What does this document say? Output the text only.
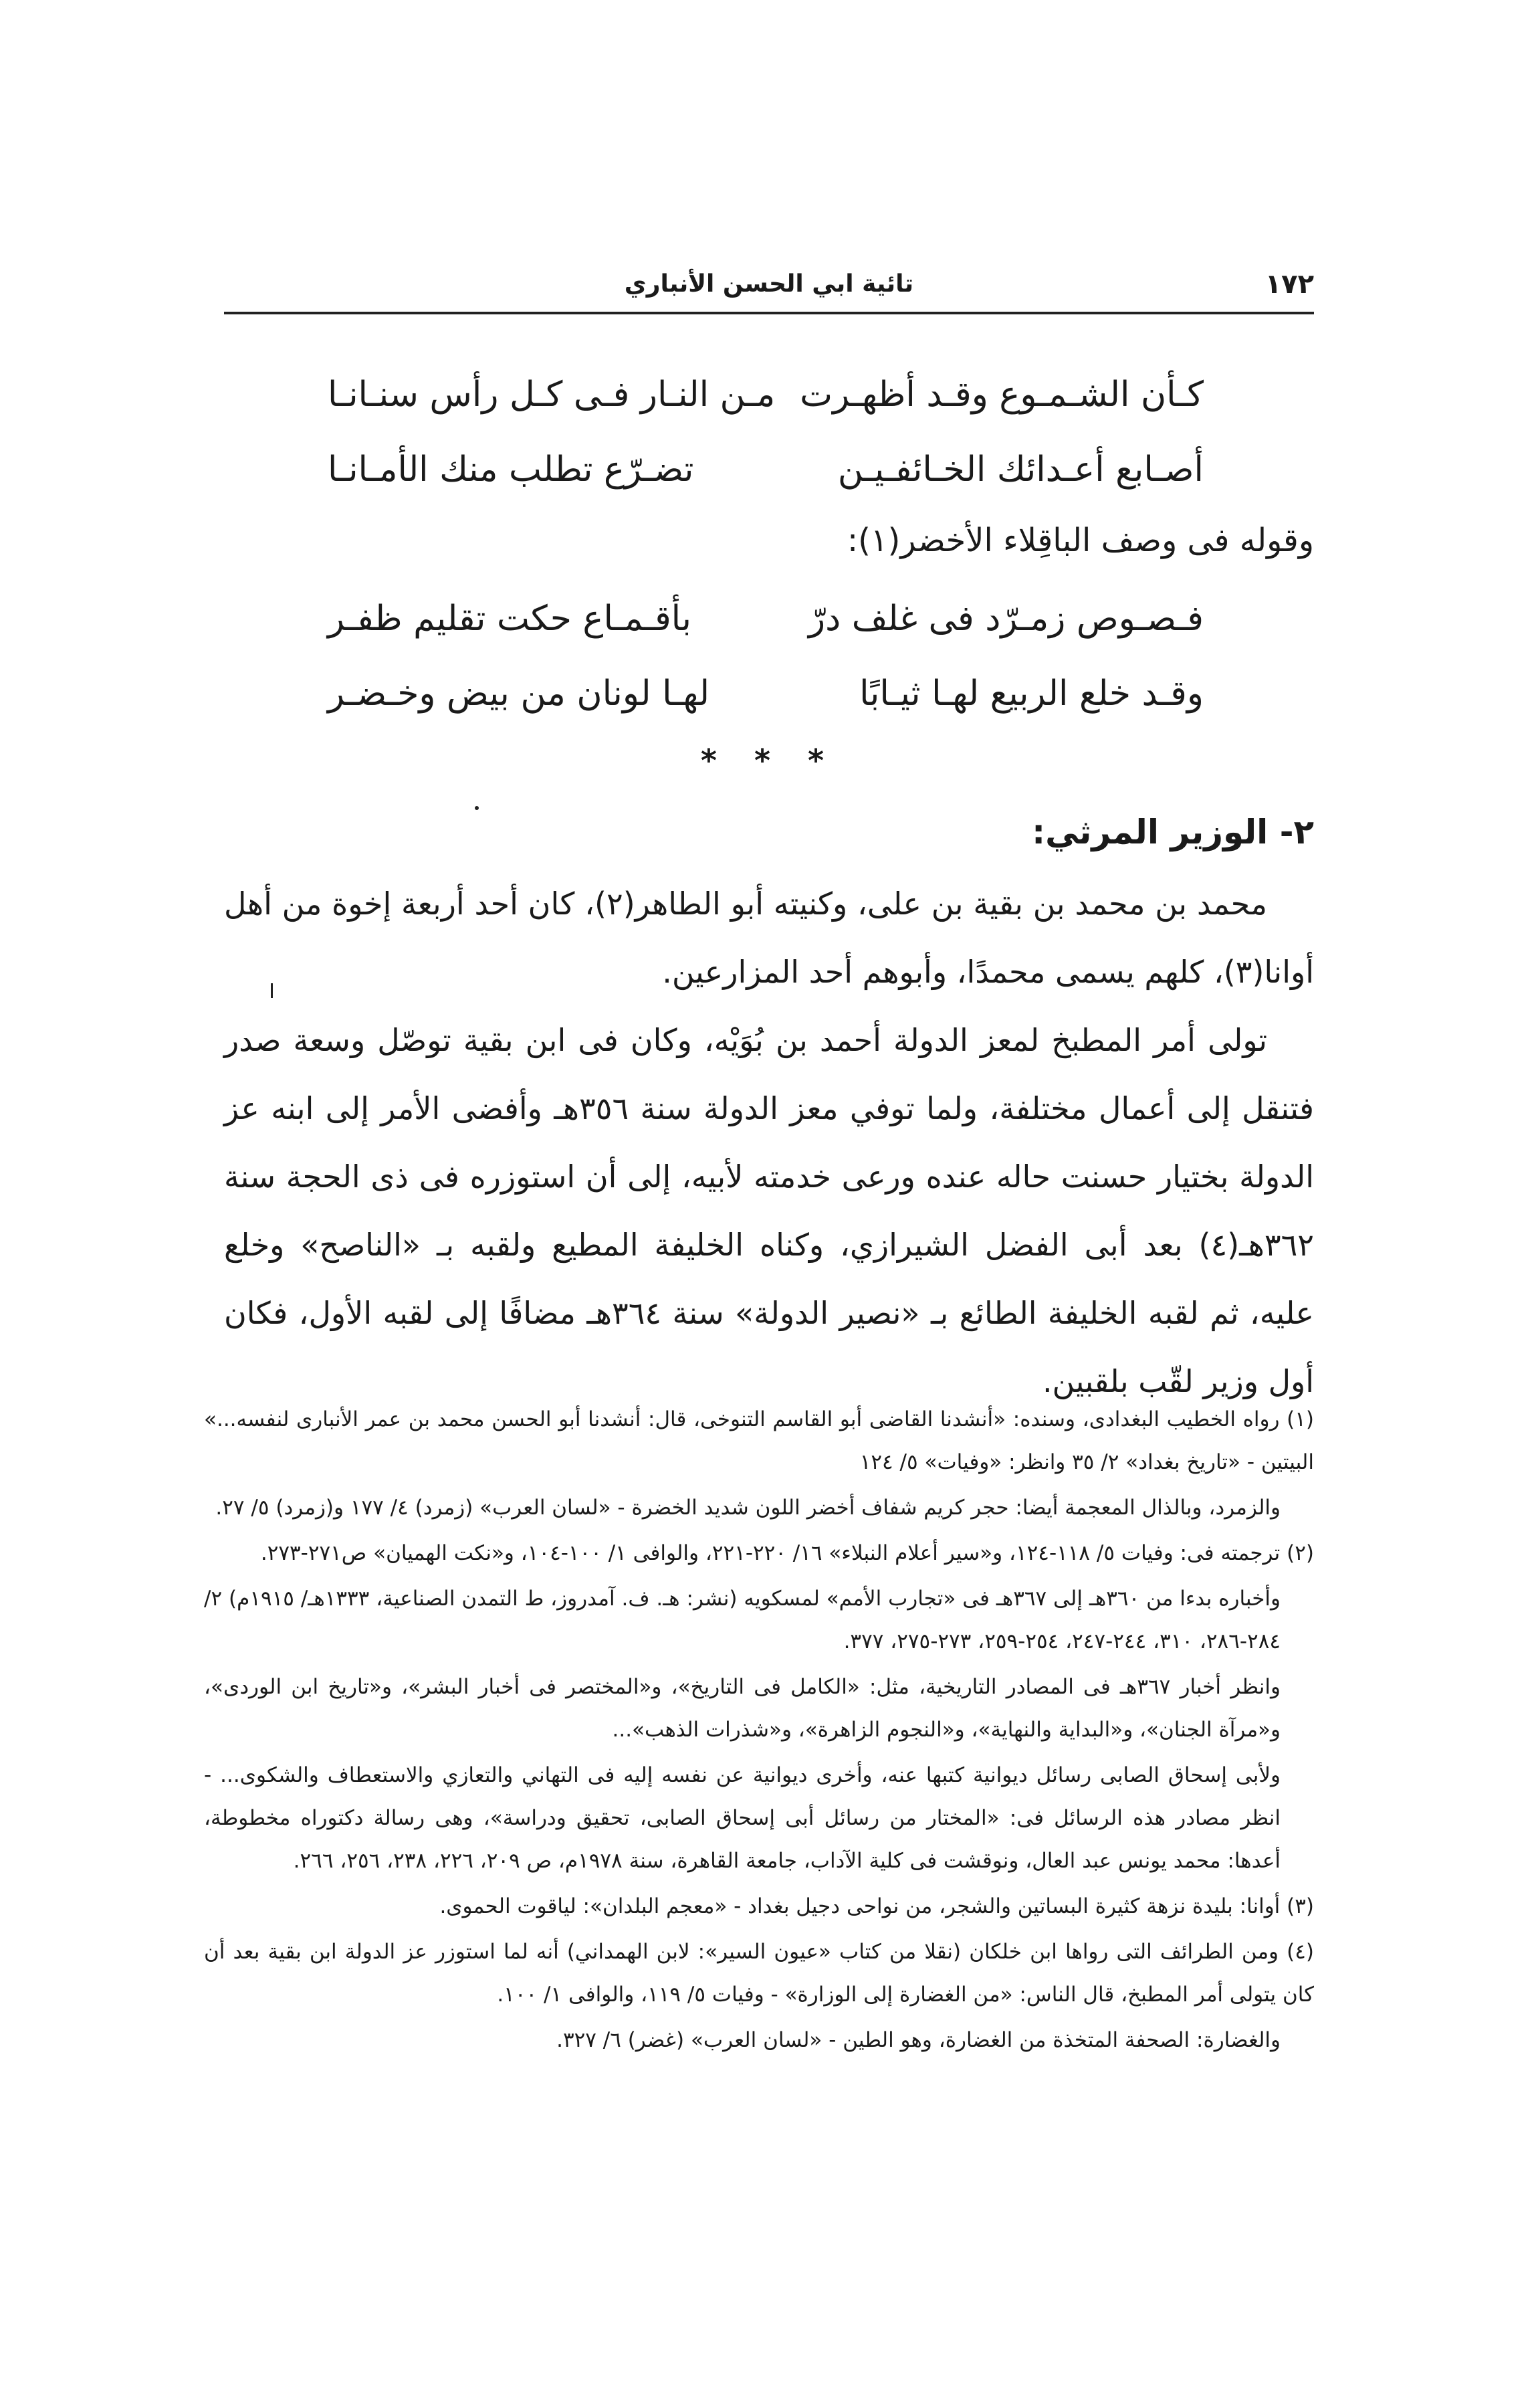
١٧٢
تائية ابي الحسن الأنباري
كـأن الشـمـوع وقـد أظهـرت
مـن النـار فـى كـل رأس سنـانـا
أصـابع أعـدائك الخـائفـيـن
تضـرّع تطلب منك الأمـانـا
وقوله فى وصف الباقِلاء الأخضر(١):
فـصـوص زمـرّد فى غلف درّ
بأقـمـاع حكت تقليم ظفـر
وقـد خلع الربيع لهـا ثيـابًا
لهـا لونان من بيض وخـضـر
* * *
٢- الوزير المرثي:

محمد بن محمد بن بقية بن على، وكنيته أبو الطاهر(٢)، كان أحد أربعة إخوة من أهل أوانا(٣)، كلهم يسمى محمدًا، وأبوهم أحد المزارعين.

تولى أمر المطبخ لمعز الدولة أحمد بن بُوَيْه، وكان فى ابن بقية توصّل وسعة صدر فتنقل إلى أعمال مختلفة، ولما توفي معز الدولة سنة ٣٥٦هـ وأفضى الأمر إلى ابنه عز الدولة بختيار حسنت حاله عنده ورعى خدمته لأبيه، إلى أن استوزره فى ذى الحجة سنة ٣٦٢هـ(٤) بعد أبى الفضل الشيرازي، وكناه الخليفة المطيع ولقبه بـ «الناصح» وخلع عليه، ثم لقبه الخليفة الطائع بـ «نصير الدولة» سنة ٣٦٤هـ مضافًا إلى لقبه الأول، فكان أول وزير لقّب بلقبين.

(١) رواه الخطيب البغدادى، وسنده: «أنشدنا القاضى أبو القاسم التنوخى، قال: أنشدنا أبو الحسن محمد بن عمر الأنبارى لنفسه...» البيتين - «تاريخ بغداد» ٢/ ٣٥ وانظر: «وفيات» ٥/ ١٢٤

والزمرد، وبالذال المعجمة أيضا: حجر كريم شفاف أخضر اللون شديد الخضرة - «لسان العرب» (زمرد) ٤/ ١٧٧ و(زمرد) ٥/ ٢٧.

(٢) ترجمته فى: وفيات ٥/ ١١٨-١٢٤، و«سير أعلام النبلاء» ١٦/ ٢٢٠-٢٢١، والوافى ١/ ١٠٠-١٠٤، و«نكت الهميان» ص٢٧١-٢٧٣.

وأخباره بدءا من ٣٦٠هـ إلى ٣٦٧هـ فى «تجارب الأمم» لمسكويه (نشر: هـ. ف. آمدروز، ط التمدن الصناعية، ١٣٣٣هـ/ ١٩١٥م) ٢/ ٢٨٤-٢٨٦، ٣١٠، ٢٤٤-٢٤٧، ٢٥٤-٢٥٩، ٢٧٣-٢٧٥، ٣٧٧.

وانظر أخبار ٣٦٧هـ فى المصادر التاريخية، مثل: «الكامل فى التاريخ»، و«المختصر فى أخبار البشر»، و«تاريخ ابن الوردى»، و«مرآة الجنان»، و«البداية والنهاية»، و«النجوم الزاهرة»، و«شذرات الذهب»...

ولأبى إسحاق الصابى رسائل ديوانية كتبها عنه، وأخرى ديوانية عن نفسه إليه فى التهاني والتعازي والاستعطاف والشكوى... - انظر مصادر هذه الرسائل فى: «المختار من رسائل أبى إسحاق الصابى، تحقيق ودراسة»، وهى رسالة دكتوراه مخطوطة، أعدها: محمد يونس عبد العال، ونوقشت فى كلية الآداب، جامعة القاهرة، سنة ١٩٧٨م، ص ٢٠٩، ٢٢٦، ٢٣٨، ٢٥٦، ٢٦٦.

(٣) أوانا: بليدة نزهة كثيرة البساتين والشجر، من نواحى دجيل بغداد - «معجم البلدان»: لياقوت الحموى.

(٤) ومن الطرائف التى رواها ابن خلكان (نقلا من كتاب «عيون السير»: لابن الهمداني) أنه لما استوزر عز الدولة ابن بقية بعد أن كان يتولى أمر المطبخ، قال الناس: «من الغضارة إلى الوزارة» - وفيات ٥/ ١١٩، والوافى ١/ ١٠٠.

والغضارة: الصحفة المتخذة من الغضارة، وهو الطين - «لسان العرب» (غضر) ٦/ ٣٢٧.
